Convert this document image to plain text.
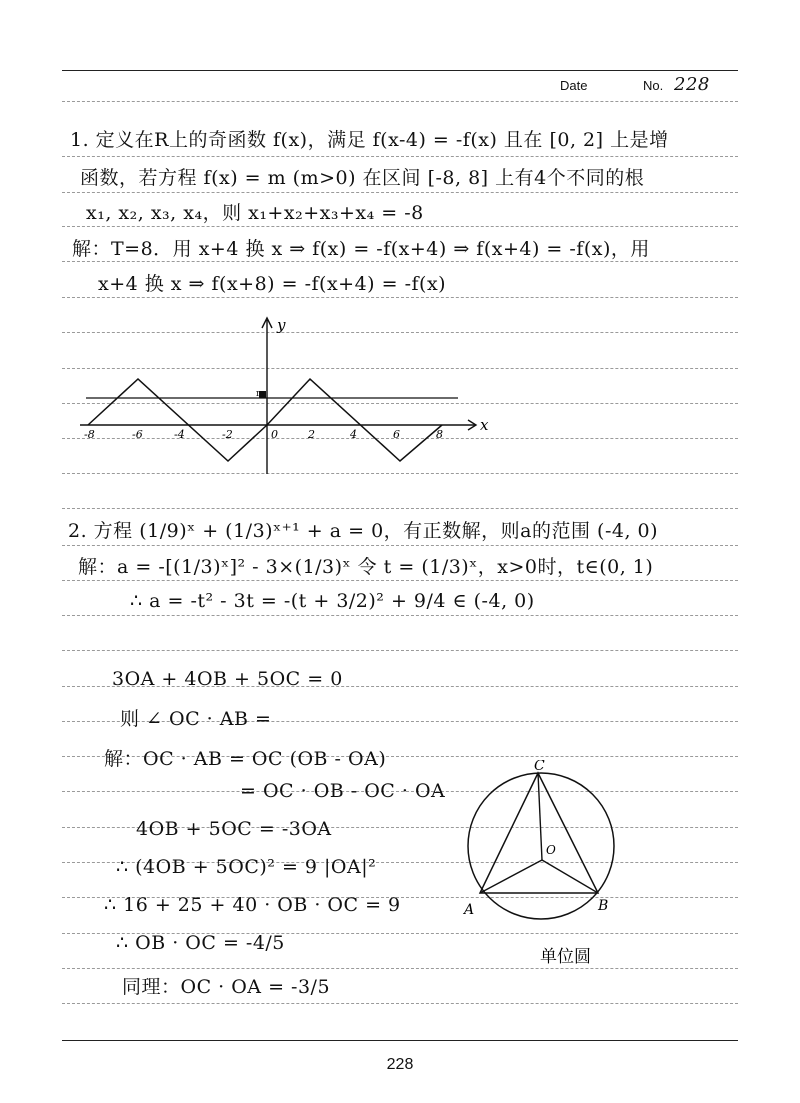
Date	No. 228
1. 定义在R上的奇函数 f(x)，满足 f(x-4) = -f(x) 且在 [0, 2] 上是增
函数，若方程 f(x) = m (m>0) 在区间 [-8, 8] 上有4个不同的根
x₁, x₂, x₃, x₄，则 x₁+x₂+x₃+x₄ = -8
解：T=8．用 x+4 换 x ⇒ f(x) = -f(x+4) ⇒ f(x+4) = -f(x)，用
x+4 换 x ⇒ f(x+8) = -f(x+4) = -f(x)
y
x
m
-8	-6	-4	-2	0	2	4	6	8
2. 方程 (1/9)ˣ + (1/3)ˣ⁺¹ + a = 0，有正数解，则a的范围 (-4, 0)
解：a = -[(1/3)ˣ]² - 3×(1/3)ˣ 令 t = (1/3)ˣ，x>0时，t∈(0, 1)
∴ a = -t² - 3t = -(t + 3/2)² + 9/4 ∈ (-4, 0)
3OA + 4OB + 5OC = 0
则 ∠ OC · AB =
解：OC · AB = OC (OB - OA)
= OC · OB - OC · OA
4OB + 5OC = -3OA
∴ (4OB + 5OC)² = 9 |OA|²
∴ 16 + 25 + 40 · OB · OC = 9
∴ OB · OC = -4/5
同理：OC · OA = -3/5
C
A	B
O
单位圆
228
